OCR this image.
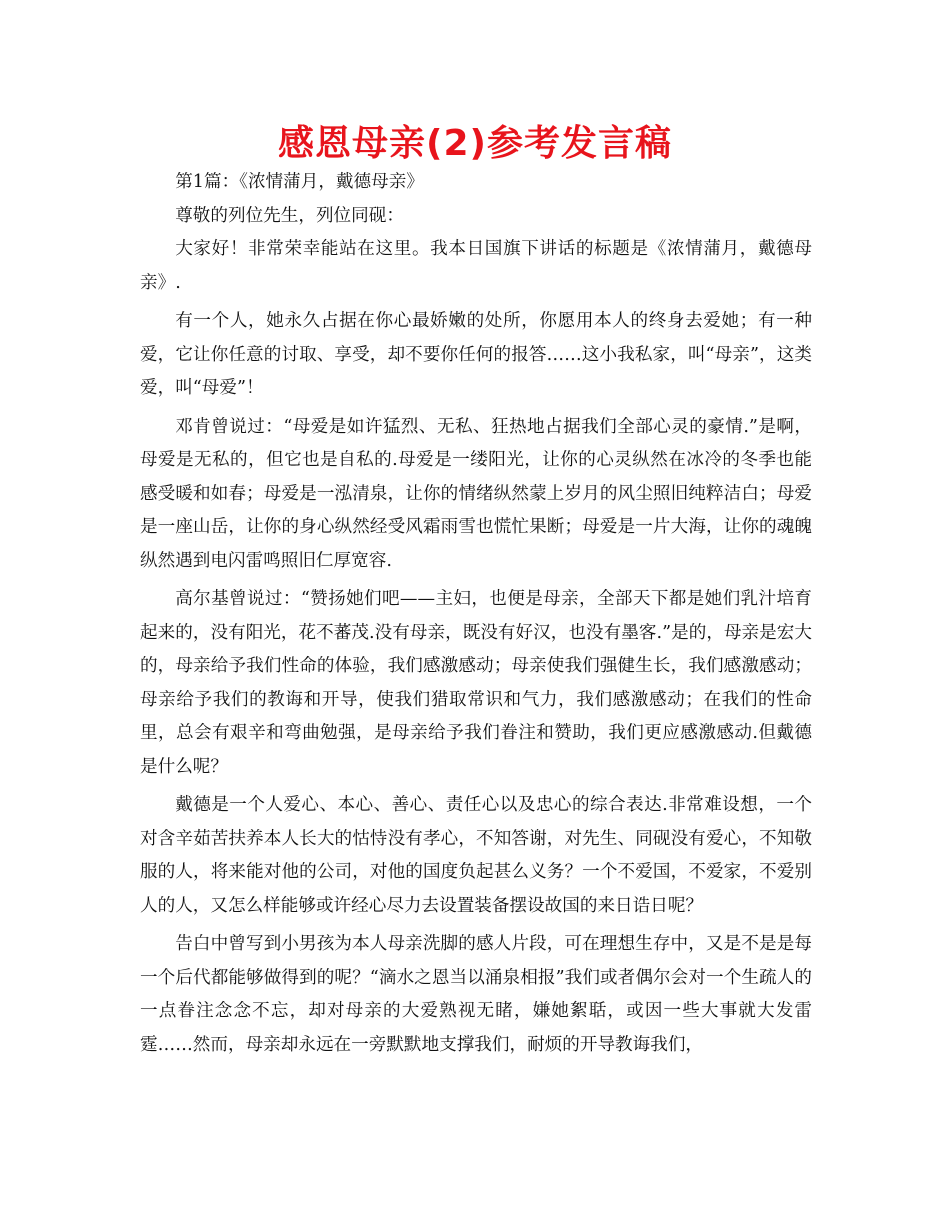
感恩母亲(2)参考发言稿

第1篇：《浓情蒲月，戴德母亲》

尊敬的列位先生，列位同砚：

大家好！非常荣幸能站在这里。我本日国旗下讲话的标题是《浓情蒲月，戴德母亲》.

有一个人，她永久占据在你心最娇嫩的处所，你愿用本人的终身去爱她；有一种爱，它让你任意的讨取、享受，却不要你任何的报答……这小我私家，叫“母亲”，这类爱，叫“母爱”！

邓肯曾说过：“母爱是如许猛烈、无私、狂热地占据我们全部心灵的豪情.”是啊，母爱是无私的，但它也是自私的.母爱是一缕阳光，让你的心灵纵然在冰冷的冬季也能感受暖和如春；母爱是一泓清泉，让你的情绪纵然蒙上岁月的风尘照旧纯粹洁白；母爱是一座山岳，让你的身心纵然经受风霜雨雪也慌忙果断；母爱是一片大海，让你的魂魄纵然遇到电闪雷鸣照旧仁厚宽容.

高尔基曾说过：“赞扬她们吧——主妇，也便是母亲，全部天下都是她们乳汁培育起来的，没有阳光，花不蕃茂.没有母亲，既没有好汉，也没有墨客.”是的，母亲是宏大的，母亲给予我们性命的体验，我们感激感动；母亲使我们强健生长，我们感激感动；母亲给予我们的教诲和开导，使我们猎取常识和气力，我们感激感动；在我们的性命里，总会有艰辛和弯曲勉强，是母亲给予我们眷注和赞助，我们更应感激感动.但戴德是什么呢？

戴德是一个人爱心、本心、善心、责任心以及忠心的综合表达.非常难设想，一个对含辛茹苦扶养本人长大的怙恃没有孝心，不知答谢，对先生、同砚没有爱心，不知敬服的人，将来能对他的公司，对他的国度负起甚么义务？一个不爱国，不爱家，不爱别人的人，又怎么样能够或许经心尽力去设置装备摆设故国的来日诰日呢？

告白中曾写到小男孩为本人母亲洗脚的感人片段，可在理想生存中，又是不是是每一个后代都能够做得到的呢？“滴水之恩当以涌泉相报”我们或者偶尔会对一个生疏人的一点眷注念念不忘，却对母亲的大爱熟视无睹，嫌她絮聒，或因一些大事就大发雷霆……然而，母亲却永远在一旁默默地支撑我们，耐烦的开导教诲我们，
